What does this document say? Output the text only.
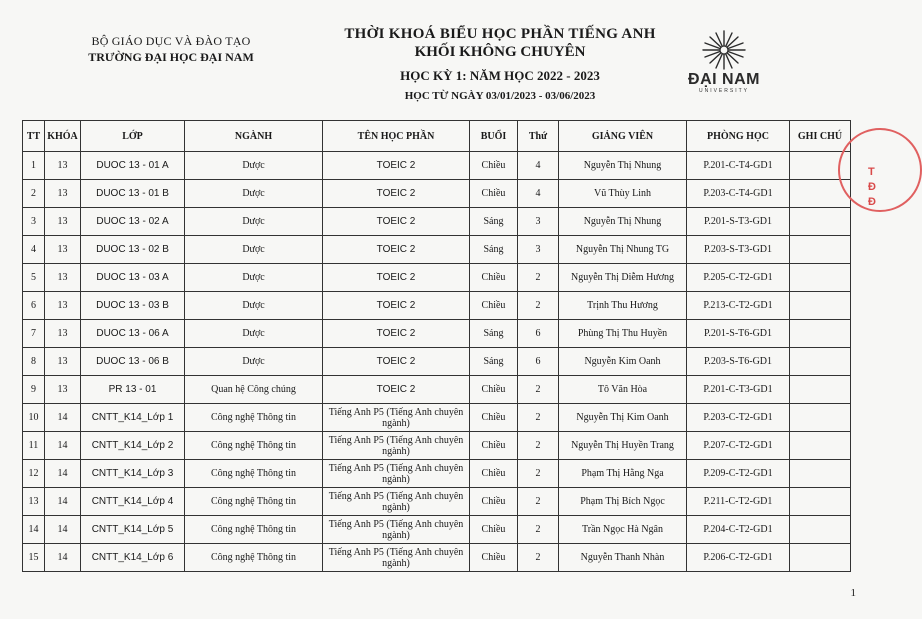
BỘ GIÁO DỤC VÀ ĐÀO TẠO
TRƯỜNG ĐẠI HỌC ĐẠI NAM
THỜI KHOÁ BIỂU HỌC PHẦN TIẾNG ANH
KHỐI KHÔNG CHUYÊN
HỌC KỲ 1: NĂM HỌC 2022 - 2023
HỌC TỪ NGÀY 03/01/2023 - 03/06/2023
ĐẠI NAM
UNIVERSITY
TT	KHÓA	LỚP	NGÀNH	TÊN HỌC PHẦN	BUỔI	Thứ	GIẢNG VIÊN	PHÒNG HỌC	GHI CHÚ
1	13	DUOC 13 - 01 A	Dược	TOEIC 2	Chiều	4	Nguyễn Thị Nhung	P.201-C-T4-GD1	
2	13	DUOC 13 - 01 B	Dược	TOEIC 2	Chiều	4	Vũ Thùy Linh	P.203-C-T4-GD1	
3	13	DUOC 13 - 02 A	Dược	TOEIC 2	Sáng	3	Nguyễn Thị Nhung	P.201-S-T3-GD1	
4	13	DUOC 13 - 02 B	Dược	TOEIC 2	Sáng	3	Nguyễn Thị Nhung TG	P.203-S-T3-GD1	
5	13	DUOC 13 - 03 A	Dược	TOEIC 2	Chiều	2	Nguyễn Thị Diễm Hương	P.205-C-T2-GD1	
6	13	DUOC 13 - 03 B	Dược	TOEIC 2	Chiều	2	Trịnh Thu Hương	P.213-C-T2-GD1	
7	13	DUOC 13 - 06 A	Dược	TOEIC 2	Sáng	6	Phùng Thị Thu Huyền	P.201-S-T6-GD1	
8	13	DUOC 13 - 06 B	Dược	TOEIC 2	Sáng	6	Nguyễn Kim Oanh	P.203-S-T6-GD1	
9	13	PR 13 - 01	Quan hệ Công chúng	TOEIC 2	Chiều	2	Tô Văn Hòa	P.201-C-T3-GD1	
10	14	CNTT_K14_Lớp 1	Công nghệ Thông tin	Tiếng Anh P5 (Tiếng Anh chuyên ngành)	Chiều	2	Nguyễn Thị Kim Oanh	P.203-C-T2-GD1	
11	14	CNTT_K14_Lớp 2	Công nghệ Thông tin	Tiếng Anh P5 (Tiếng Anh chuyên ngành)	Chiều	2	Nguyễn Thị Huyền Trang	P.207-C-T2-GD1	
12	14	CNTT_K14_Lớp 3	Công nghệ Thông tin	Tiếng Anh P5 (Tiếng Anh chuyên ngành)	Chiều	2	Phạm Thị Hằng Nga	P.209-C-T2-GD1	
13	14	CNTT_K14_Lớp 4	Công nghệ Thông tin	Tiếng Anh P5 (Tiếng Anh chuyên ngành)	Chiều	2	Phạm Thị Bích Ngọc	P.211-C-T2-GD1	
14	14	CNTT_K14_Lớp 5	Công nghệ Thông tin	Tiếng Anh P5 (Tiếng Anh chuyên ngành)	Chiều	2	Trần Ngọc Hà Ngân	P.204-C-T2-GD1	
15	14	CNTT_K14_Lớp 6	Công nghệ Thông tin	Tiếng Anh P5 (Tiếng Anh chuyên ngành)	Chiều	2	Nguyễn Thanh Nhàn	P.206-C-T2-GD1	
T
Đ
Đ
1
